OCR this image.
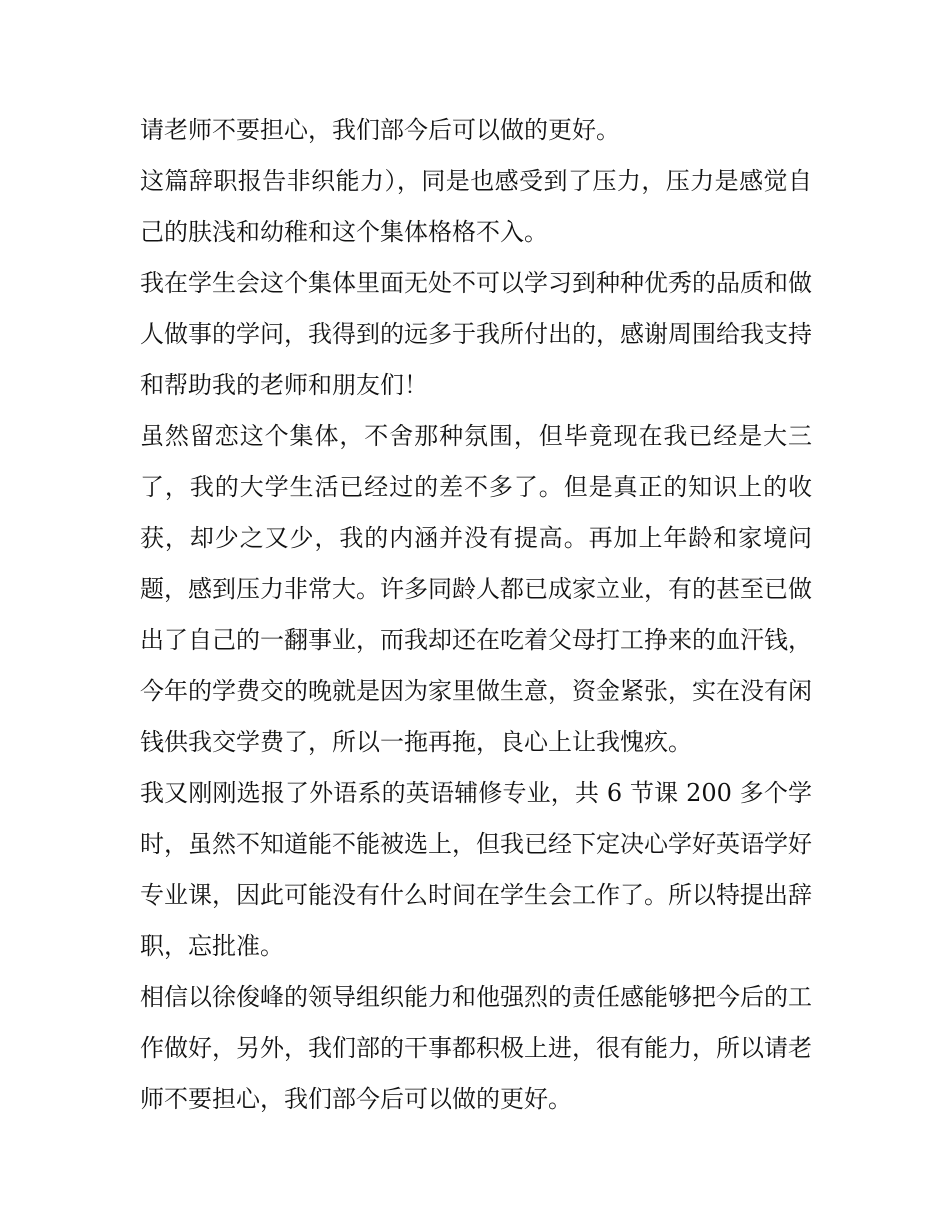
请老师不要担心，我们部今后可以做的更好。

这篇辞职报告非织能力），同是也感受到了压力，压力是感觉自己的肤浅和幼稚和这个集体格格不入。

我在学生会这个集体里面无处不可以学习到种种优秀的品质和做人做事的学问，我得到的远多于我所付出的，感谢周围给我支持和帮助我的老师和朋友们！

虽然留恋这个集体，不舍那种氛围，但毕竟现在我已经是大三了，我的大学生活已经过的差不多了。但是真正的知识上的收获，却少之又少，我的内涵并没有提高。再加上年龄和家境问题，感到压力非常大。许多同龄人都已成家立业，有的甚至已做出了自己的一翻事业，而我却还在吃着父母打工挣来的血汗钱，今年的学费交的晚就是因为家里做生意，资金紧张，实在没有闲钱供我交学费了，所以一拖再拖，良心上让我愧疚。

我又刚刚选报了外语系的英语辅修专业，共 6 节课 200 多个学时，虽然不知道能不能被选上，但我已经下定决心学好英语学好专业课，因此可能没有什么时间在学生会工作了。所以特提出辞职，忘批准。

相信以徐俊峰的领导组织能力和他强烈的责任感能够把今后的工作做好，另外，我们部的干事都积极上进，很有能力，所以请老师不要担心，我们部今后可以做的更好。
